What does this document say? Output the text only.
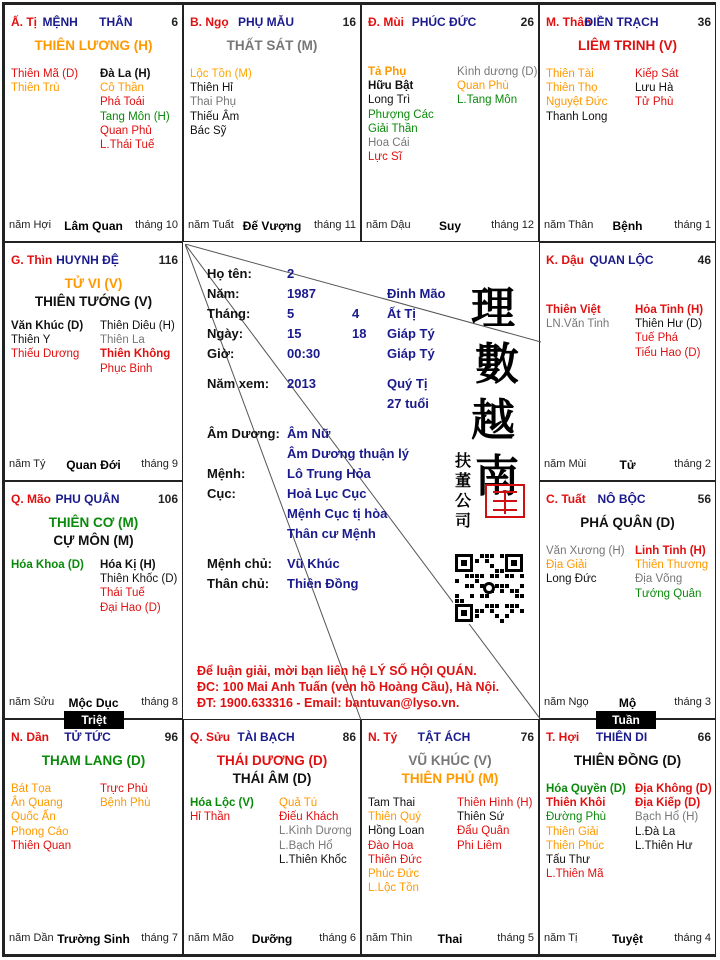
Ấ. Tị MỆNH THÂN	6
THIÊN LƯƠNG (H)
Thiên Mã (D)
Thiên Trù
Đà La (H)
Cô Thần
Phá Toái
Tang Môn (H)
Quan Phủ
L.Thái Tuế
năm Hợi	Lâm Quan	tháng 10
B. Ngọ PHỤ MẪU	16
THẤT SÁT (M)
Lộc Tồn (M)
Thiên Hỉ
Thai Phụ
Thiếu Âm
Bác Sỹ
năm Tuất Đế Vượng	tháng 11
Đ. Mùi PHÚC ĐỨC	26
Tả Phụ
Hữu Bật
Long Trì
Phượng Các
Giải Thần
Hoa Cái
Lực Sĩ
Kình dương (D)
Quan Phù
L.Tang Môn
năm Dậu	Suy	tháng 12
M. Thân
ĐIỀN TRẠCH	36
LIÊM TRINH (V)
Thiên Tài
Thiên Thọ
Nguyệt Đức
Thanh Long
Kiếp Sát
Lưu Hà
Tử Phù
năm Thân	Bệnh	tháng 1
G. Thìn HUYNH ĐỆ	116
TỬ VI (V)
THIÊN TƯỚNG (V)
Văn Khúc (D)
Thiên Y
Thiếu Dương
Thiên Diêu (H)
Thiên La
Thiên Không
Phục Binh
năm Tý	Quan Đới	tháng 9
K. Dậu QUAN LỘC	46
Thiên Việt
LN.Văn Tinh
Hỏa Tinh (H)
Thiên Hư (D)
Tuế Phá
Tiểu Hao (D)
năm Mùi	Tử	tháng 2
Q. Mão PHU QUÂN	106
THIÊN CƠ (M)
CỰ MÔN (M)
Hóa Khoa (D) Hóa Kị (H)
Thiên Khốc (D)
Thái Tuế
Đại Hao (D)
năm Sửu	Mộc Dục	tháng 8
C. Tuất NÔ BỘC	56
PHÁ QUÂN (D)
Văn Xương (H)
Địa Giải
Long Đức
Linh Tinh (H)
Thiên Thương
Địa Võng
Tướng Quân
năm Ngọ	Mộ	tháng 3
N. Dần	TỬ TỨC	96
THAM LANG (D)
Bát Tọa
Ân Quang
Quốc Ấn
Phong Cáo
Thiên Quan
Trực Phù
Bệnh Phù
năm Dần Trường Sinh	tháng 7
Q. Sửu TÀI BẠCH	86
THÁI DƯƠNG (D)
THÁI ÂM (D)
Hóa Lộc (V)
Hỉ Thần
Quả Tú
Điếu Khách
L.Kình Dương
L.Bạch Hổ
L.Thiên Khốc
năm Mão	Dưỡng	tháng 6
N. Tý	TẬT ÁCH	76
VŨ KHÚC (V)
THIÊN PHỦ (M)
Tam Thai
Thiên Quý
Hồng Loan
Đào Hoa
Thiên Đức
Phúc Đức
L.Lộc Tồn
Thiên Hình (H)
Thiên Sứ
Đẩu Quân
Phi Liêm
năm Thìn	Thai	tháng 5
T. Hợi	THIÊN DI	66
THIÊN ĐỒNG (D)
Hóa Quyền (D)
Thiên Khôi
Đường Phù
Thiên Giải
Thiên Phúc
Tấu Thư
L.Thiên Mã
Địa Không (D)
Địa Kiếp (D)
Bạch Hổ (H)
L.Đà La
L.Thiên Hư
năm Tị	Tuyệt	tháng 4
Họ tên:	2
Năm:	1987	Đinh Mão
Tháng:	5	4 Ất Tị
Ngày:	15	18 Giáp Tý
Giờ:	00:30	Giáp Tý
Năm xem: 2013	Quý Tị
27 tuổi
Âm Dương: Âm Nữ
Âm Dương thuận lý
Mệnh:	Lô Trung Hỏa
Cục:	Hoả Lục Cục
Mệnh Cục tị hòa
Thân cư Mệnh
Mệnh chủ: Vũ Khúc
Thân chủ: Thiên Đồng
理
數
越
南
扶
董
公
司
Để luận giải, mời bạn liên hệ LÝ SỐ HỘI QUÁN.
ĐC: 100 Mai Anh Tuấn (ven hồ Hoàng Cầu), Hà Nội.
ĐT: 1900.633316 - Email: bantuvan@lyso.vn.
Triệt	Tuần
